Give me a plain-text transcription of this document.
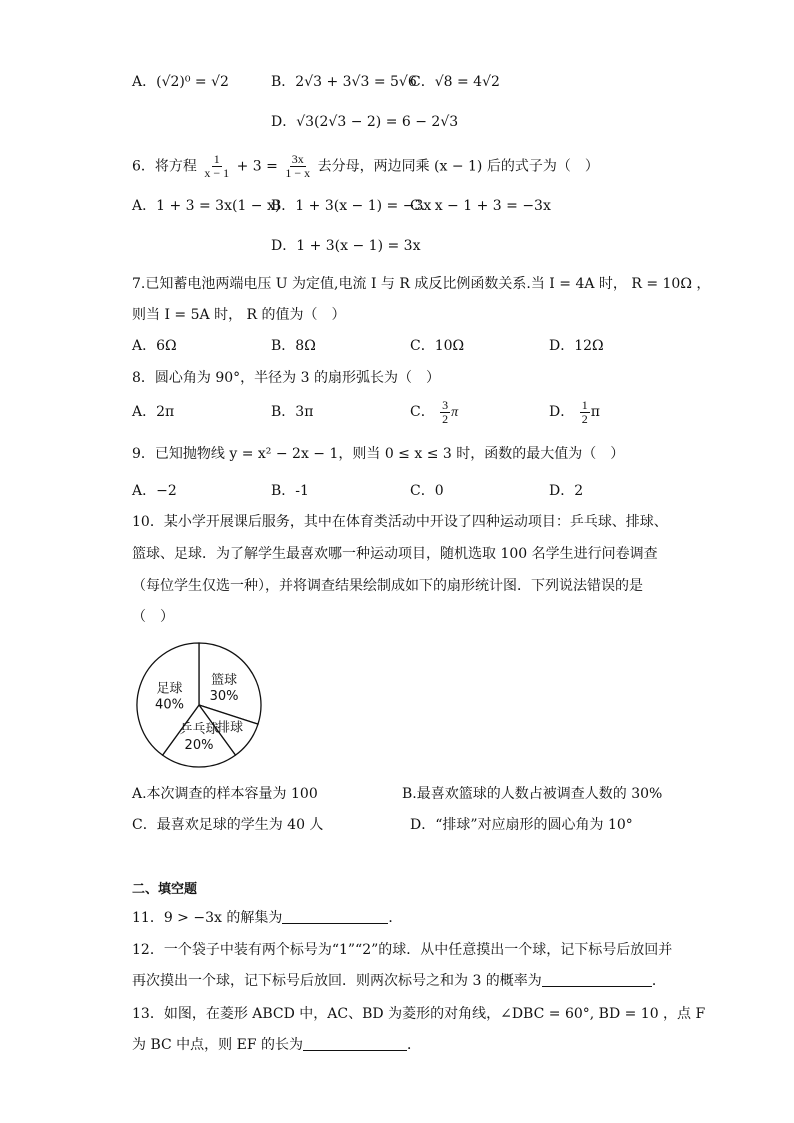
A．(√2)⁰ = √2	B．2√3 + 3√3 = 5√6
C．√8 = 4√2
D．√3(2√3 − 2) = 6 − 2√3
6．将方程 $\frac{1}{x - 1} + 3 = \frac{3x}{1 - x}$ 去分母，两边同乘 (x − 1) 后的式子为（　）
A．1 + 3 = 3x(1 − x)
B．1 + 3(x − 1) = −3x
C．x − 1 + 3 = −3x
D．1 + 3(x − 1) = 3x
7.已知蓄电池两端电压 U 为定值,电流 I 与 R 成反比例函数关系.当 I = 4A 时， R = 10Ω ，
则当 I = 5A 时， R 的值为（　）
A．6Ω	B．8Ω	C．10Ω	D．12Ω
8．圆心角为 90°，半径为 3 的扇形弧长为（　）
A．2π	B．3π	C． $\frac{3}{2}$ π	D． $\frac{1}{2}$ π
9．已知抛物线 y = x² − 2x − 1，则当 0 ≤ x ≤ 3 时，函数的最大值为（　）
A．−2	B．-1	C．0	D．2
10．某小学开展课后服务，其中在体育类活动中开设了四种运动项目：乒乓球、排球、
篮球、足球．为了解学生最喜欢哪一种运动项目，随机选取 100 名学生进行问卷调查
（每位学生仅选一种），并将调查结果绘制成如下的扇形统计图．下列说法错误的是
（　）
篮球
30%
排球
乒乓球
20%
足球
40%
A.本次调查的样本容量为 100	B.最喜欢篮球的人数占被调查人数的 30%
C．最喜欢足球的学生为 40 人	D．“排球”对应扇形的圆心角为 10°
二、填空题
11．9 > −3x 的解集为	．
12．一个袋子中装有两个标号为“1”“2”的球．从中任意摸出一个球，记下标号后放回并
再次摸出一个球，记下标号后放回．则两次标号之和为 3 的概率为	．
13．如图，在菱形 ABCD 中，AC、BD 为菱形的对角线，∠DBC = 60°, BD = 10 ，点 F
为 BC 中点，则 EF 的长为	．
